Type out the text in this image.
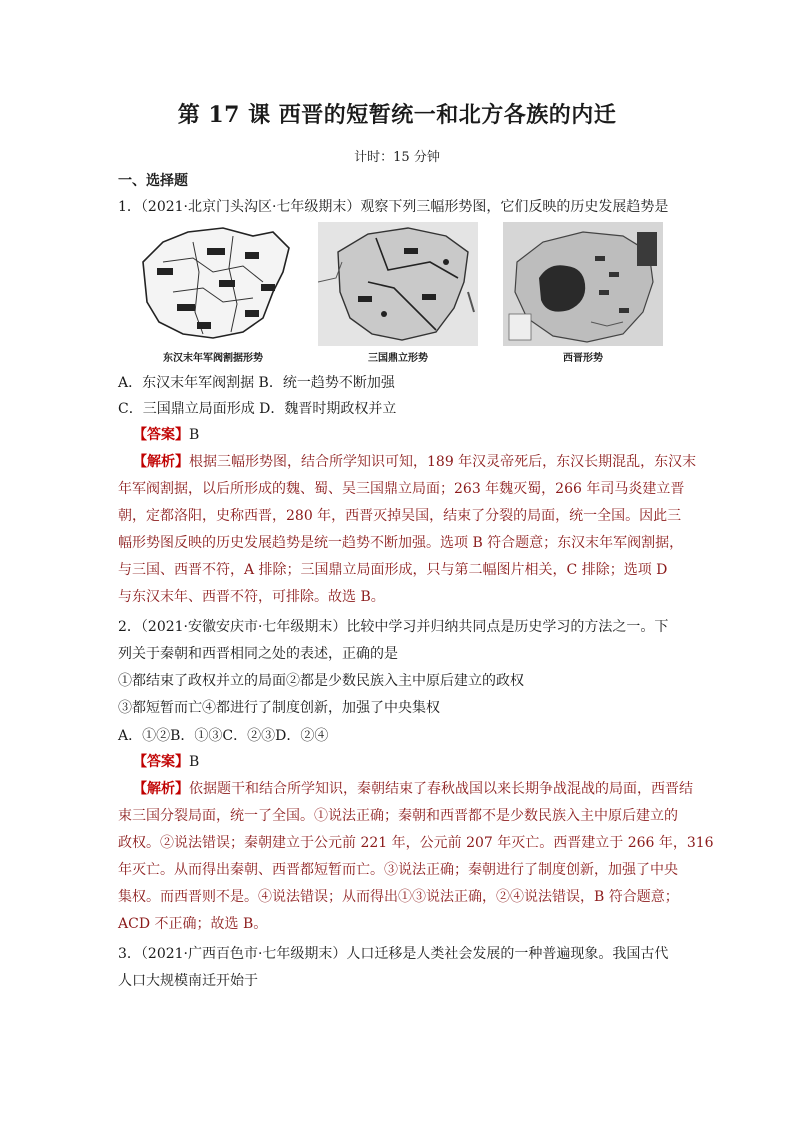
第 17 课 西晋的短暂统一和北方各族的内迁
计时：15 分钟
一、选择题
1．（2021·北京门头沟区·七年级期末）观察下列三幅形势图，它们反映的历史发展趋势是
东汉末年军阀割据形势	三国鼎立形势	西晋形势
A．东汉末年军阀割据 B．统一趋势不断加强
C．三国鼎立局面形成 D．魏晋时期政权并立
【答案】B
【解析】根据三幅形势图，结合所学知识可知，189 年汉灵帝死后，东汉长期混乱，东汉末
年军阀割据，以后所形成的魏、蜀、吴三国鼎立局面；263 年魏灭蜀，266 年司马炎建立晋
朝，定都洛阳，史称西晋，280 年，西晋灭掉吴国，结束了分裂的局面，统一全国。因此三
幅形势图反映的历史发展趋势是统一趋势不断加强。选项 B 符合题意；东汉末年军阀割据，
与三国、西晋不符，A 排除；三国鼎立局面形成，只与第二幅图片相关，C 排除；选项 D
与东汉末年、西晋不符，可排除。故选 B。
2．（2021·安徽安庆市·七年级期末）比较中学习并归纳共同点是历史学习的方法之一。下
列关于秦朝和西晋相同之处的表述，正确的是
①都结束了政权并立的局面②都是少数民族入主中原后建立的政权
③都短暂而亡④都进行了制度创新，加强了中央集权
A．①②B．①③C．②③D．②④
【答案】B
【解析】依据题干和结合所学知识，秦朝结束了春秋战国以来长期争战混战的局面，西晋结
束三国分裂局面，统一了全国。①说法正确；秦朝和西晋都不是少数民族入主中原后建立的
政权。②说法错误；秦朝建立于公元前 221 年，公元前 207 年灭亡。西晋建立于 266 年，316
年灭亡。从而得出秦朝、西晋都短暂而亡。③说法正确；秦朝进行了制度创新，加强了中央
集权。而西晋则不是。④说法错误；从而得出①③说法正确，②④说法错误，B 符合题意；
ACD 不正确；故选 B。
3．（2021·广西百色市·七年级期末）人口迁移是人类社会发展的一种普遍现象。我国古代
人口大规模南迁开始于
